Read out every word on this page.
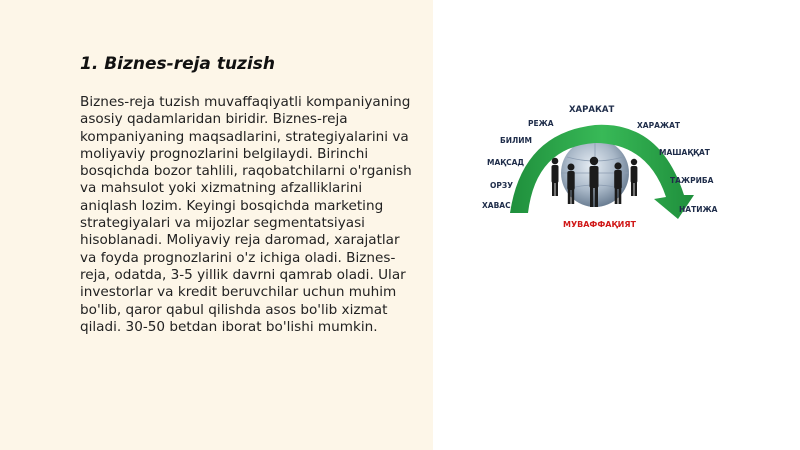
1. Biznes-reja tuzish

Biznes-reja tuzish muvaffaqiyatli kompaniyaning asosiy qadamlaridan biridir. Biznes-reja kompaniyaning maqsadlarini, strategiyalarini va moliyaviy prognozlarini belgilaydi. Birinchi bosqichda bozor tahlili, raqobatchilarni o'rganish va mahsulot yoki xizmatning afzalliklarini aniqlash lozim. Keyingi bosqichda marketing strategiyalari va mijozlar segmentatsiyasi hisoblanadi. Moliyaviy reja daromad, xarajatlar va foyda prognozlarini o'z ichiga oladi. Biznes-reja, odatda, 3-5 yillik davrni qamrab oladi. Ular investorlar va kredit beruvchilar uchun muhim bo'lib, qaror qabul qilishda asos bo'lib xizmat qiladi. 30-50 betdan iborat bo'lishi mumkin.

ХАРАКАТ
РЕЖА	ХАРАЖАТ
БИЛИМ
МАШАҚҚАТ
МАҚСАД
ТАЖРИБА
ОРЗУ
ХАВАС	НАТИЖА
МУВАФФАҚИЯТ
